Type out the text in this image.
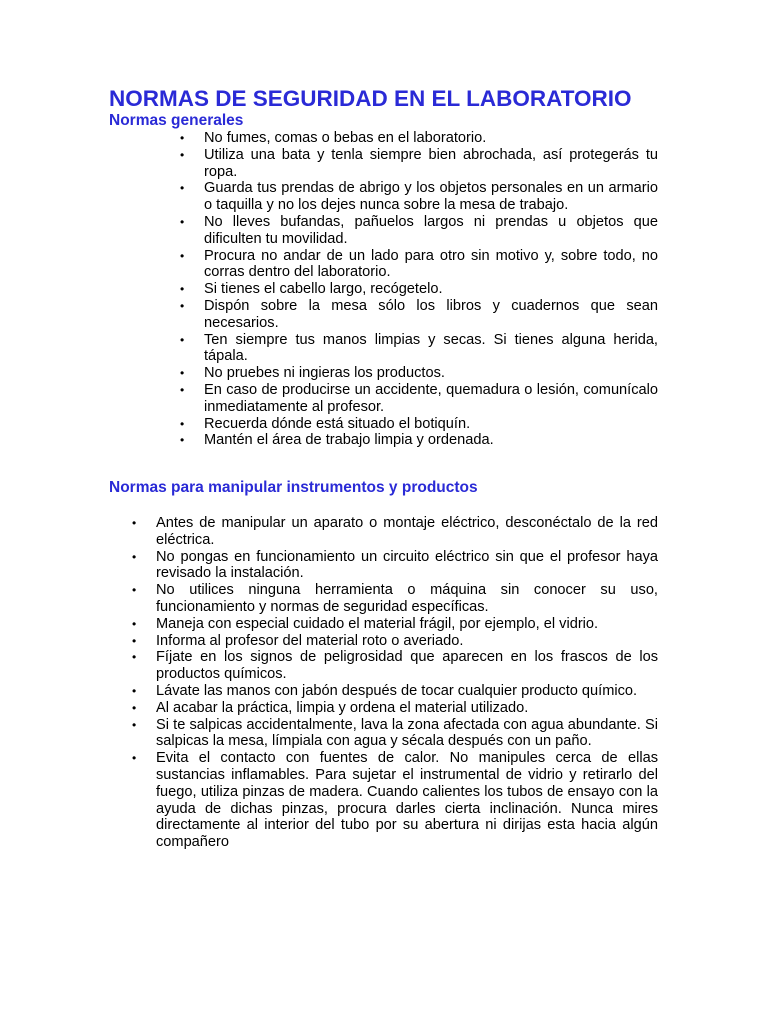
NORMAS DE SEGURIDAD EN EL LABORATORIO
Normas generales
• No fumes, comas o bebas en el laboratorio.
• Utiliza una bata y tenla siempre bien abrochada, así protegerás tu ropa.
• Guarda tus prendas de abrigo y los objetos personales en un armario o taquilla y no los dejes nunca sobre la mesa de trabajo.
• No lleves bufandas, pañuelos largos ni prendas u objetos que dificulten tu movilidad.
• Procura no andar de un lado para otro sin motivo y, sobre todo, no corras dentro del laboratorio.
• Si tienes el cabello largo, recógetelo.
• Dispón sobre la mesa sólo los libros y cuadernos que sean necesarios.
• Ten siempre tus manos limpias y secas. Si tienes alguna herida, tápala.
• No pruebes ni ingieras los productos.
• En caso de producirse un accidente, quemadura o lesión, comunícalo inmediatamente al profesor.
• Recuerda dónde está situado el botiquín.
• Mantén el área de trabajo limpia y ordenada.
Normas para manipular instrumentos y productos
• Antes de manipular un aparato o montaje eléctrico, desconéctalo de la red eléctrica.
• No pongas en funcionamiento un circuito eléctrico sin que el profesor haya revisado la instalación.
• No utilices ninguna herramienta o máquina sin conocer su uso, funcionamiento y normas de seguridad específicas.
• Maneja con especial cuidado el material frágil, por ejemplo, el vidrio.
• Informa al profesor del material roto o averiado.
• Fíjate en los signos de peligrosidad que aparecen en los frascos de los productos químicos.
• Lávate las manos con jabón después de tocar cualquier producto químico.
• Al acabar la práctica, limpia y ordena el material utilizado.
• Si te salpicas accidentalmente, lava la zona afectada con agua abundante. Si salpicas la mesa, límpiala con agua y sécala después con un paño.
• Evita el contacto con fuentes de calor. No manipules cerca de ellas sustancias inflamables. Para sujetar el instrumental de vidrio y retirarlo del fuego, utiliza pinzas de madera. Cuando calientes los tubos de ensayo con la ayuda de dichas pinzas, procura darles cierta inclinación. Nunca mires directamente al interior del tubo por su abertura ni dirijas esta hacia algún compañero
